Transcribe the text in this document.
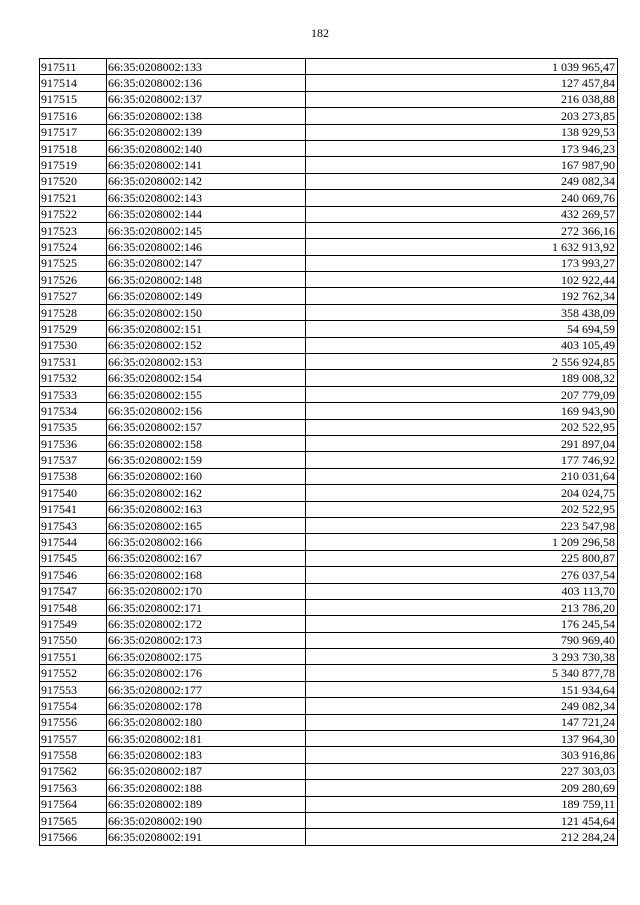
182
917511	66:35:0208002:133	1 039 965,47
917514	66:35:0208002:136	127 457,84
917515	66:35:0208002:137	216 038,88
917516	66:35:0208002:138	203 273,85
917517	66:35:0208002:139	138 929,53
917518	66:35:0208002:140	173 946,23
917519	66:35:0208002:141	167 987,90
917520	66:35:0208002:142	249 082,34
917521	66:35:0208002:143	240 069,76
917522	66:35:0208002:144	432 269,57
917523	66:35:0208002:145	272 366,16
917524	66:35:0208002:146	1 632 913,92
917525	66:35:0208002:147	173 993,27
917526	66:35:0208002:148	102 922,44
917527	66:35:0208002:149	192 762,34
917528	66:35:0208002:150	358 438,09
917529	66:35:0208002:151	54 694,59
917530	66:35:0208002:152	403 105,49
917531	66:35:0208002:153	2 556 924,85
917532	66:35:0208002:154	189 008,32
917533	66:35:0208002:155	207 779,09
917534	66:35:0208002:156	169 943,90
917535	66:35:0208002:157	202 522,95
917536	66:35:0208002:158	291 897,04
917537	66:35:0208002:159	177 746,92
917538	66:35:0208002:160	210 031,64
917540	66:35:0208002:162	204 024,75
917541	66:35:0208002:163	202 522,95
917543	66:35:0208002:165	223 547,98
917544	66:35:0208002:166	1 209 296,58
917545	66:35:0208002:167	225 800,87
917546	66:35:0208002:168	276 037,54
917547	66:35:0208002:170	403 113,70
917548	66:35:0208002:171	213 786,20
917549	66:35:0208002:172	176 245,54
917550	66:35:0208002:173	790 969,40
917551	66:35:0208002:175	3 293 730,38
917552	66:35:0208002:176	5 340 877,78
917553	66:35:0208002:177	151 934,64
917554	66:35:0208002:178	249 082,34
917556	66:35:0208002:180	147 721,24
917557	66:35:0208002:181	137 964,30
917558	66:35:0208002:183	303 916,86
917562	66:35:0208002:187	227 303,03
917563	66:35:0208002:188	209 280,69
917564	66:35:0208002:189	189 759,11
917565	66:35:0208002:190	121 454,64
917566	66:35:0208002:191	212 284,24
